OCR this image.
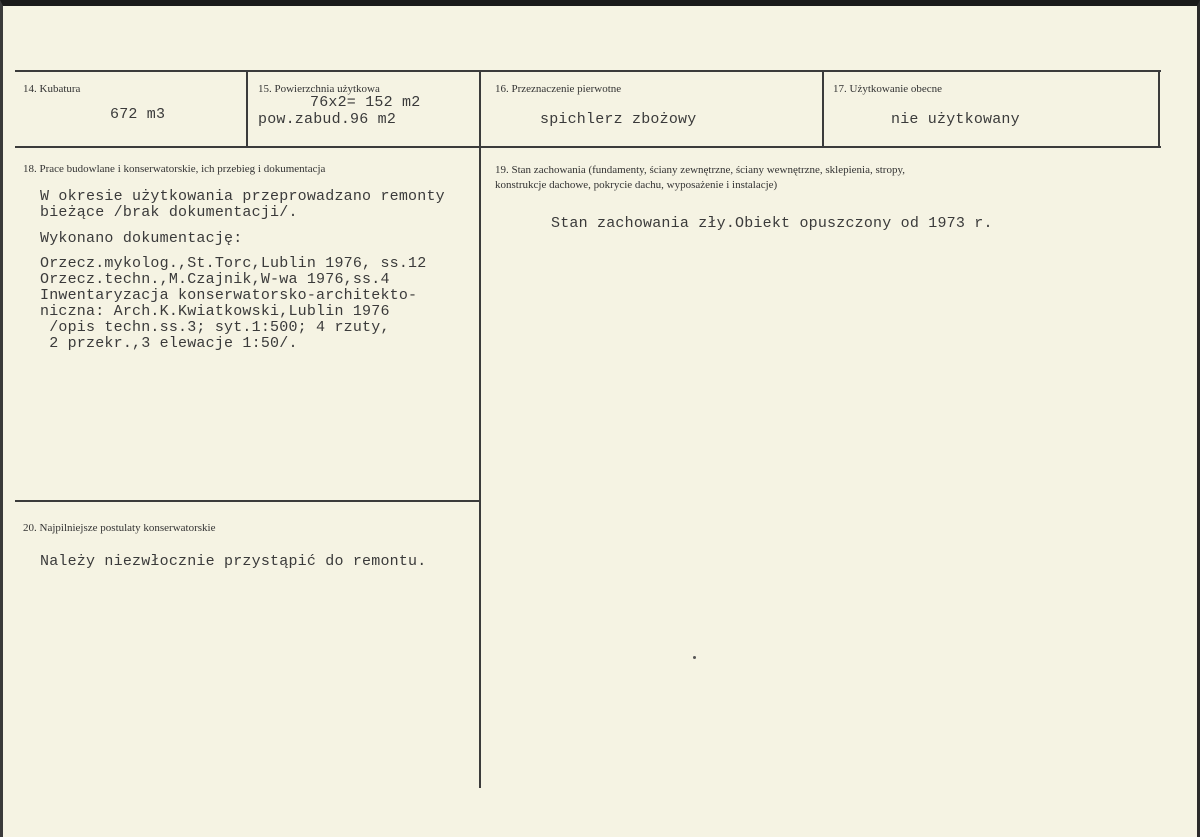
14. Kubatura
672 m3
15. Powierzchnia użytkowa
76x2= 152 m2
pow.zabud.96 m2
16. Przeznaczenie pierwotne
spichlerz zbożowy
17. Użytkowanie obecne
nie użytkowany
18. Prace budowlane i konserwatorskie, ich przebieg i dokumentacja
W okresie użytkowania przeprowadzano remonty
bieżące /brak dokumentacji/.
Wykonano dokumentację:
Orzecz.mykolog.,St.Torc,Lublin 1976, ss.12
Orzecz.techn.,M.Czajnik,W-wa 1976,ss.4
Inwentaryzacja konserwatorsko-architekto-
niczna: Arch.K.Kwiatkowski,Lublin 1976
/opis techn.ss.3; syt.1:500; 4 rzuty,
2 przekr.,3 elewacje 1:50/.
19. Stan zachowania (fundamenty, ściany zewnętrzne, ściany wewnętrzne, sklepienia, stropy,
konstrukcje dachowe, pokrycie dachu, wyposażenie i instalacje)
Stan zachowania zły.Obiekt opuszczony od 1973 r.
20. Najpilniejsze postulaty konserwatorskie
Należy niezwłocznie przystąpić do remontu.
